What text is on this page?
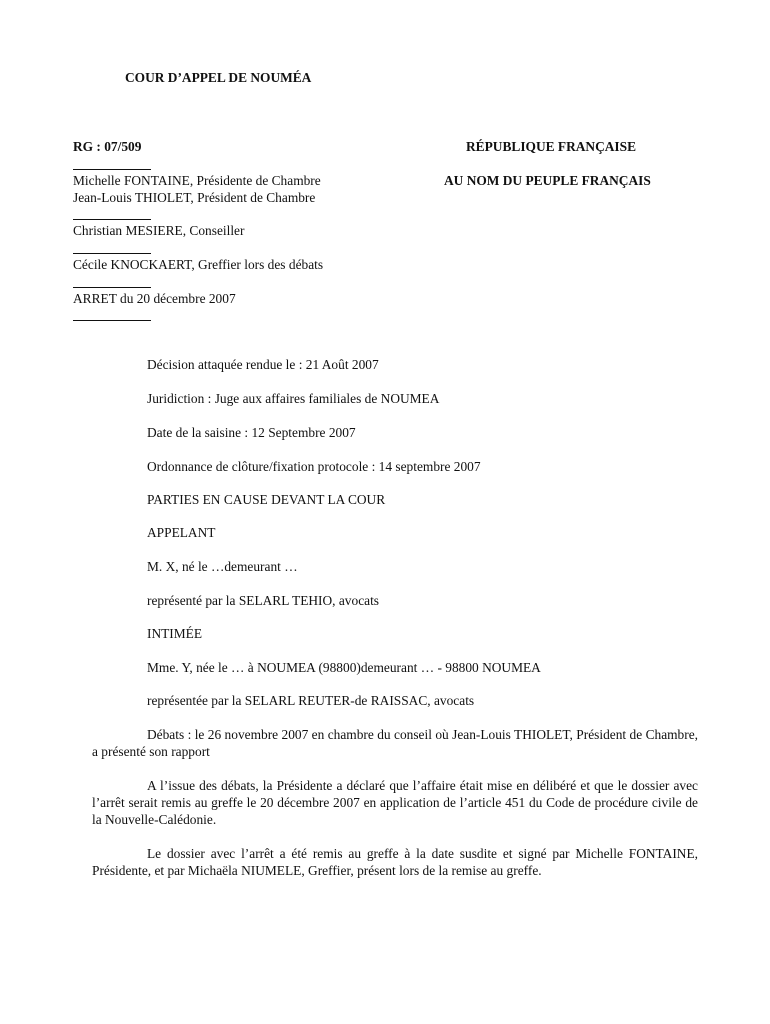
COUR D’APPEL DE NOUMÉA
RG : 07/509	RÉPUBLIQUE FRANÇAISE
Michelle FONTAINE, Présidente de Chambre	AU NOM DU PEUPLE FRANÇAIS
Jean-Louis THIOLET, Président de Chambre
Christian MESIERE, Conseiller
Cécile KNOCKAERT, Greffier lors des débats
ARRET du 20 décembre 2007
Décision attaquée rendue le : 21 Août 2007
Juridiction : Juge aux affaires familiales de NOUMEA
Date de la saisine : 12 Septembre 2007
Ordonnance de clôture/fixation protocole : 14 septembre 2007
PARTIES EN CAUSE DEVANT LA COUR
APPELANT
M. X, né le …demeurant …
représenté par la SELARL TEHIO, avocats
INTIMÉE
Mme. Y, née le … à NOUMEA (98800)demeurant … - 98800 NOUMEA
représentée par la SELARL REUTER-de RAISSAC, avocats
Débats : le 26 novembre 2007 en chambre du conseil où Jean-Louis THIOLET, Président de Chambre, a présenté son rapport
A l’issue des débats, la Présidente a déclaré que l’affaire était mise en délibéré et que le dossier avec l’arrêt serait remis au greffe le 20 décembre 2007 en application de l’article 451 du Code de procédure civile de la Nouvelle-Calédonie.
Le dossier avec l’arrêt a été remis au greffe à la date susdite et signé par Michelle FONTAINE, Présidente, et par Michaëla NIUMELE, Greffier, présent lors de la remise au greffe.
